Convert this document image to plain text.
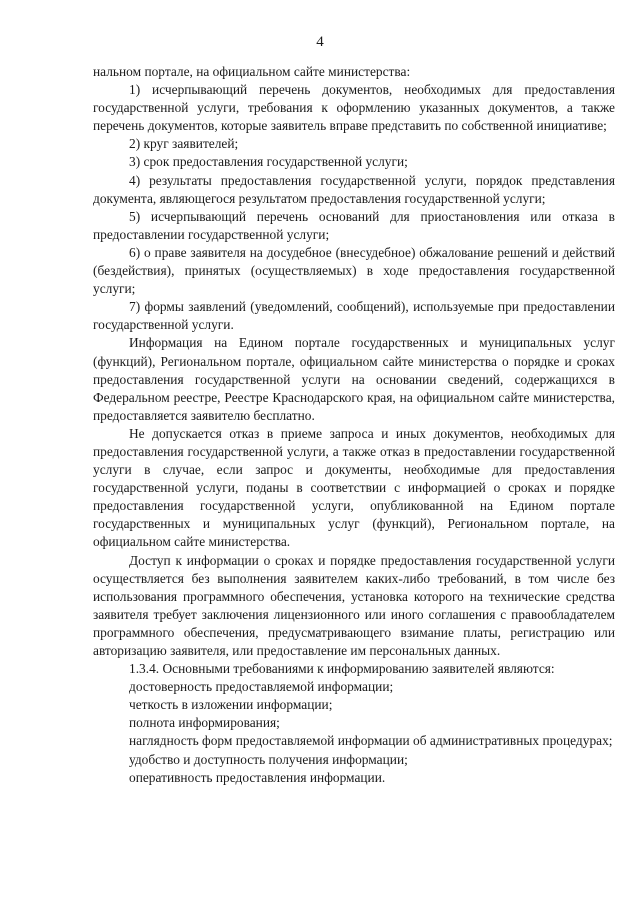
4

нальном портале, на официальном сайте министерства:

1) исчерпывающий перечень документов, необходимых для предоставления государственной услуги, требования к оформлению указанных документов, а также перечень документов, которые заявитель вправе представить по собственной инициативе;

2) круг заявителей;

3) срок предоставления государственной услуги;

4) результаты предоставления государственной услуги, порядок представления документа, являющегося результатом предоставления государственной услуги;

5) исчерпывающий перечень оснований для приостановления или отказа в предоставлении государственной услуги;

6) о праве заявителя на досудебное (внесудебное) обжалование решений и действий (бездействия), принятых (осуществляемых) в ходе предоставления государственной услуги;

7) формы заявлений (уведомлений, сообщений), используемые при предоставлении государственной услуги.

Информация на Едином портале государственных и муниципальных услуг (функций), Региональном портале, официальном сайте министерства о порядке и сроках предоставления государственной услуги на основании сведений, содержащихся в Федеральном реестре, Реестре Краснодарского края, на официальном сайте министерства, предоставляется заявителю бесплатно.

Не допускается отказ в приеме запроса и иных документов, необходимых для предоставления государственной услуги, а также отказ в предоставлении государственной услуги в случае, если запрос и документы, необходимые для предоставления государственной услуги, поданы в соответствии с информацией о сроках и порядке предоставления государственной услуги, опубликованной на Едином портале государственных и муниципальных услуг (функций), Региональном портале, на официальном сайте министерства.

Доступ к информации о сроках и порядке предоставления государственной услуги осуществляется без выполнения заявителем каких-либо требований, в том числе без использования программного обеспечения, установка которого на технические средства заявителя требует заключения лицензионного или иного соглашения с правообладателем программного обеспечения, предусматривающего взимание платы, регистрацию или авторизацию заявителя, или предоставление им персональных данных.

1.3.4. Основными требованиями к информированию заявителей являются:

достоверность предоставляемой информации;

четкость в изложении информации;

полнота информирования;

наглядность форм предоставляемой информации об административных процедурах;

удобство и доступность получения информации;

оперативность предоставления информации.
